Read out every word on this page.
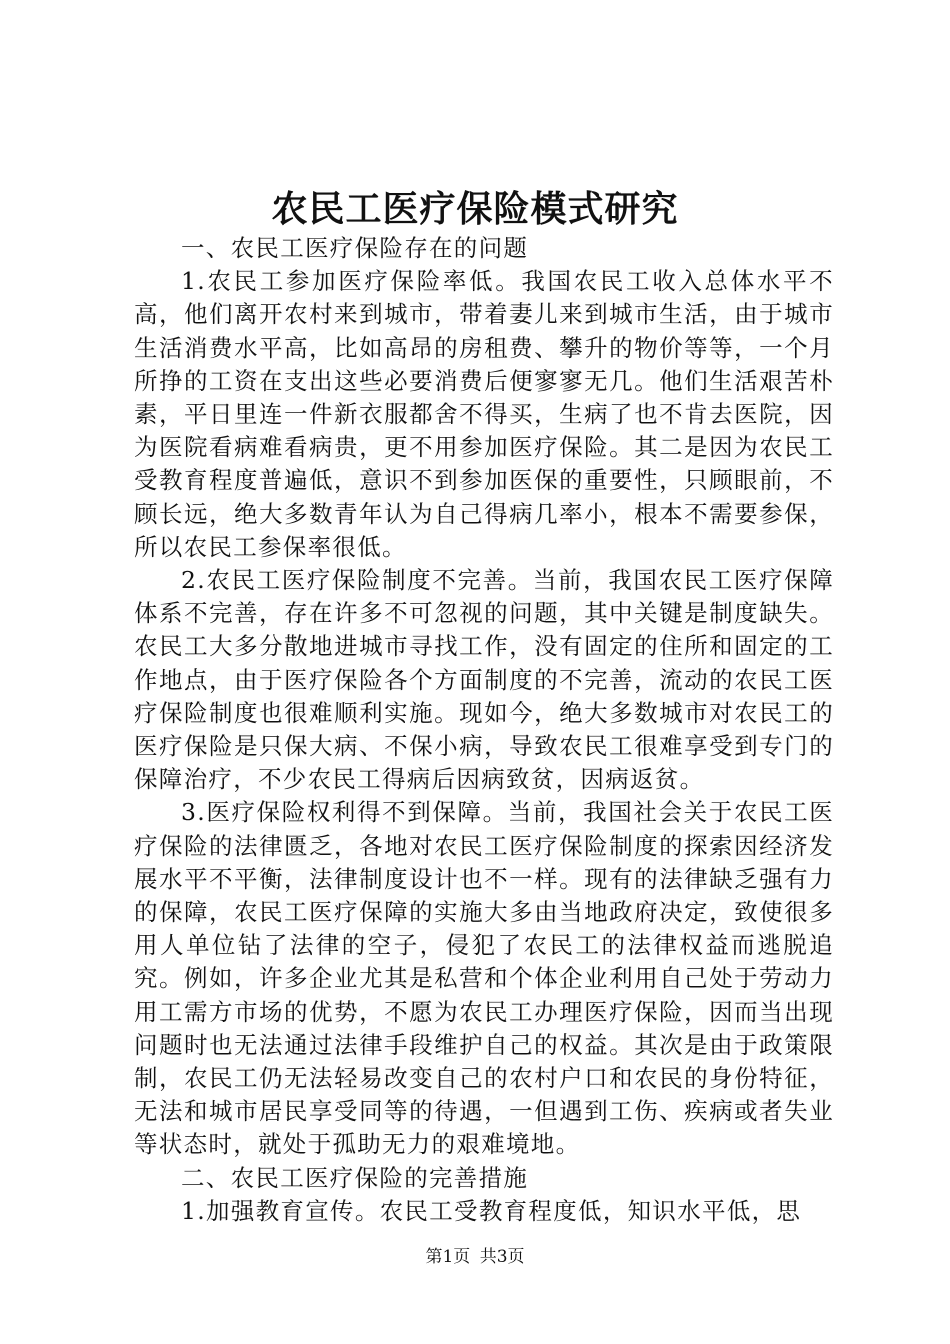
农民工医疗保险模式研究

一、农民工医疗保险存在的问题

1.农民工参加医疗保险率低。我国农民工收入总体水平不高，他们离开农村来到城市，带着妻儿来到城市生活，由于城市生活消费水平高，比如高昂的房租费、攀升的物价等等，一个月所挣的工资在支出这些必要消费后便寥寥无几。他们生活艰苦朴素，平日里连一件新衣服都舍不得买，生病了也不肯去医院，因为医院看病难看病贵，更不用参加医疗保险。其二是因为农民工受教育程度普遍低，意识不到参加医保的重要性，只顾眼前，不顾长远，绝大多数青年认为自己得病几率小，根本不需要参保，所以农民工参保率很低。

2.农民工医疗保险制度不完善。当前，我国农民工医疗保障体系不完善，存在许多不可忽视的问题，其中关键是制度缺失。农民工大多分散地进城市寻找工作，没有固定的住所和固定的工作地点，由于医疗保险各个方面制度的不完善，流动的农民工医疗保险制度也很难顺利实施。现如今，绝大多数城市对农民工的医疗保险是只保大病、不保小病，导致农民工很难享受到专门的保障治疗，不少农民工得病后因病致贫，因病返贫。

3.医疗保险权利得不到保障。当前，我国社会关于农民工医疗保险的法律匮乏，各地对农民工医疗保险制度的探索因经济发展水平不平衡，法律制度设计也不一样。现有的法律缺乏强有力的保障，农民工医疗保障的实施大多由当地政府决定，致使很多用人单位钻了法律的空子，侵犯了农民工的法律权益而逃脱追究。例如，许多企业尤其是私营和个体企业利用自己处于劳动力用工需方市场的优势，不愿为农民工办理医疗保险，因而当出现问题时也无法通过法律手段维护自己的权益。其次是由于政策限制，农民工仍无法轻易改变自己的农村户口和农民的身份特征，无法和城市居民享受同等的待遇，一但遇到工伤、疾病或者失业等状态时，就处于孤助无力的艰难境地。

二、农民工医疗保险的完善措施

1.加强教育宣传。农民工受教育程度低，知识水平低，思

第1页 共3页
